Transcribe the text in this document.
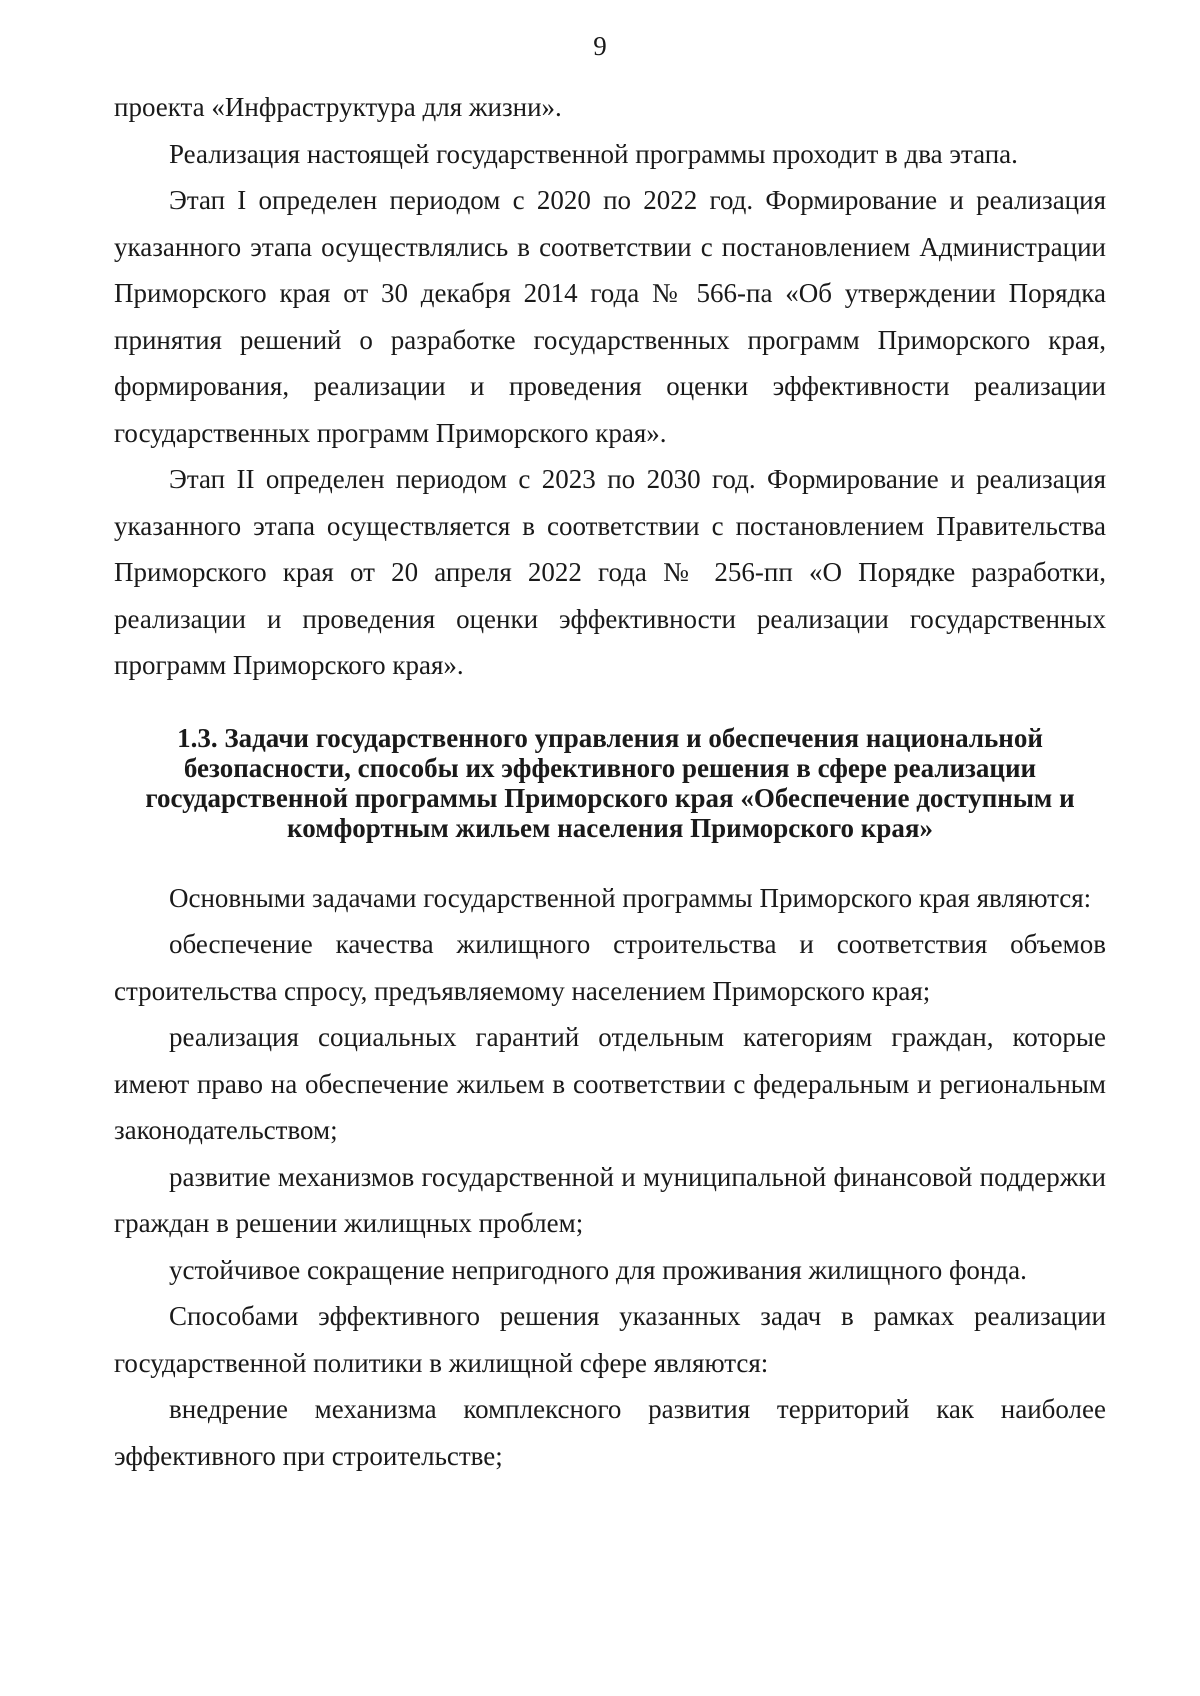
9

проекта «Инфраструктура для жизни».

Реализация настоящей государственной программы проходит в два этапа.

Этап I определен периодом с 2020 по 2022 год. Формирование и реализация указанного этапа осуществлялись в соответствии с постановлением Администрации Приморского края от 30 декабря 2014 года № 566-па «Об утверждении Порядка принятия решений о разработке государственных программ Приморского края, формирования, реализации и проведения оценки эффективности реализации государственных программ Приморского края».

Этап II определен периодом с 2023 по 2030 год. Формирование и реализация указанного этапа осуществляется в соответствии с постановлением Правительства Приморского края от 20 апреля 2022 года № 256-пп «О Порядке разработки, реализации и проведения оценки эффективности реализации государственных программ Приморского края».

1.3. Задачи государственного управления и обеспечения национальной
безопасности, способы их эффективного решения в сфере реализации
государственной программы Приморского края «Обеспечение доступным и
комфортным жильем населения Приморского края»

Основными задачами государственной программы Приморского края являются:

обеспечение качества жилищного строительства и соответствия объемов строительства спросу, предъявляемому населением Приморского края;

реализация социальных гарантий отдельным категориям граждан, которые имеют право на обеспечение жильем в соответствии с федеральным и региональным законодательством;

развитие механизмов государственной и муниципальной финансовой поддержки граждан в решении жилищных проблем;

устойчивое сокращение непригодного для проживания жилищного фонда.

Способами эффективного решения указанных задач в рамках реализации государственной политики в жилищной сфере являются:

внедрение механизма комплексного развития территорий как наиболее эффективного при строительстве;
